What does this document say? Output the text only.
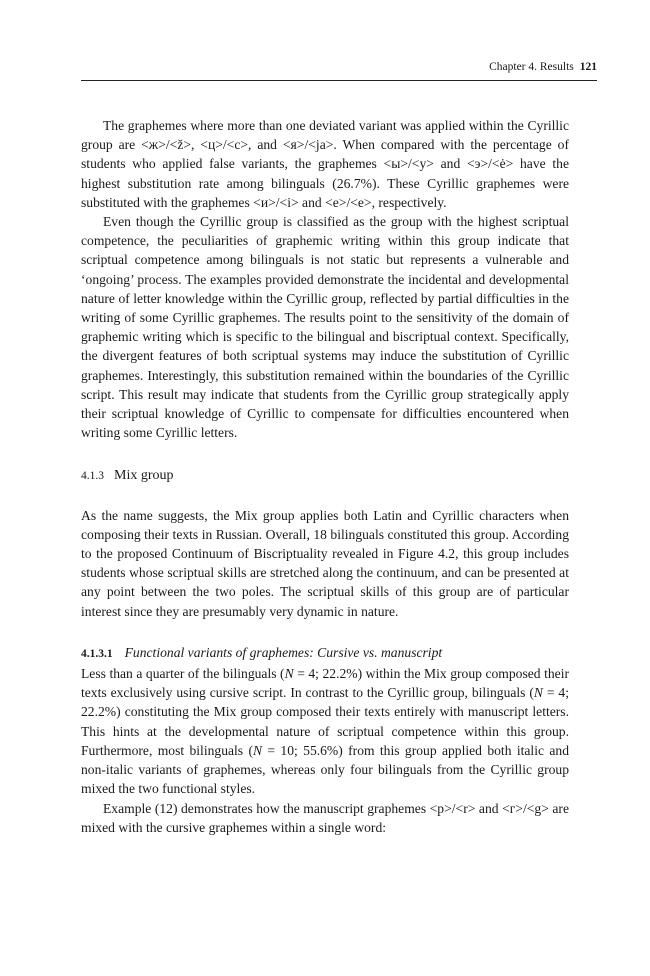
Chapter 4. Results 121

The graphemes where more than one deviated variant was applied within the Cyrillic group are <ж>/<ž>, <ц>/<c>, and <я>/<ja>. When compared with the percentage of students who applied false variants, the graphemes <ы>/<y> and <э>/<ė> have the highest substitution rate among bilinguals (26.7%). These Cyrillic graphemes were substituted with the graphemes <и>/<i> and <e>/<e>, respectively.

Even though the Cyrillic group is classified as the group with the highest scriptual competence, the peculiarities of graphemic writing within this group indicate that scriptual competence among bilinguals is not static but represents a vulnerable and ‘ongoing’ process. The examples provided demonstrate the incidental and developmental nature of letter knowledge within the Cyrillic group, reflected by partial difficulties in the writing of some Cyrillic graphemes. The results point to the sensitivity of the domain of graphemic writing which is specific to the bilingual and biscriptual context. Specifically, the divergent features of both scriptual systems may induce the substitution of Cyrillic graphemes. Interestingly, this substitution remained within the boundaries of the Cyrillic script. This result may indicate that students from the Cyrillic group strategically apply their scriptual knowledge of Cyrillic to compensate for difficulties encountered when writing some Cyrillic letters.

4.1.3 Mix group

As the name suggests, the Mix group applies both Latin and Cyrillic characters when composing their texts in Russian. Overall, 18 bilinguals constituted this group. According to the proposed Continuum of Biscriptuality revealed in Figure 4.2, this group includes students whose scriptual skills are stretched along the continuum, and can be presented at any point between the two poles. The scriptual skills of this group are of particular interest since they are presumably very dynamic in nature.

4.1.3.1 Functional variants of graphemes: Cursive vs. manuscript

Less than a quarter of the bilinguals (N = 4; 22.2%) within the Mix group composed their texts exclusively using cursive script. In contrast to the Cyrillic group, bilinguals (N = 4; 22.2%) constituting the Mix group composed their texts entirely with manuscript letters. This hints at the developmental nature of scriptual competence within this group. Furthermore, most bilinguals (N = 10; 55.6%) from this group applied both italic and non-italic variants of graphemes, whereas only four bilinguals from the Cyrillic group mixed the two functional styles.

Example (12) demonstrates how the manuscript graphemes <p>/<r> and <г>/<g> are mixed with the cursive graphemes within a single word:
